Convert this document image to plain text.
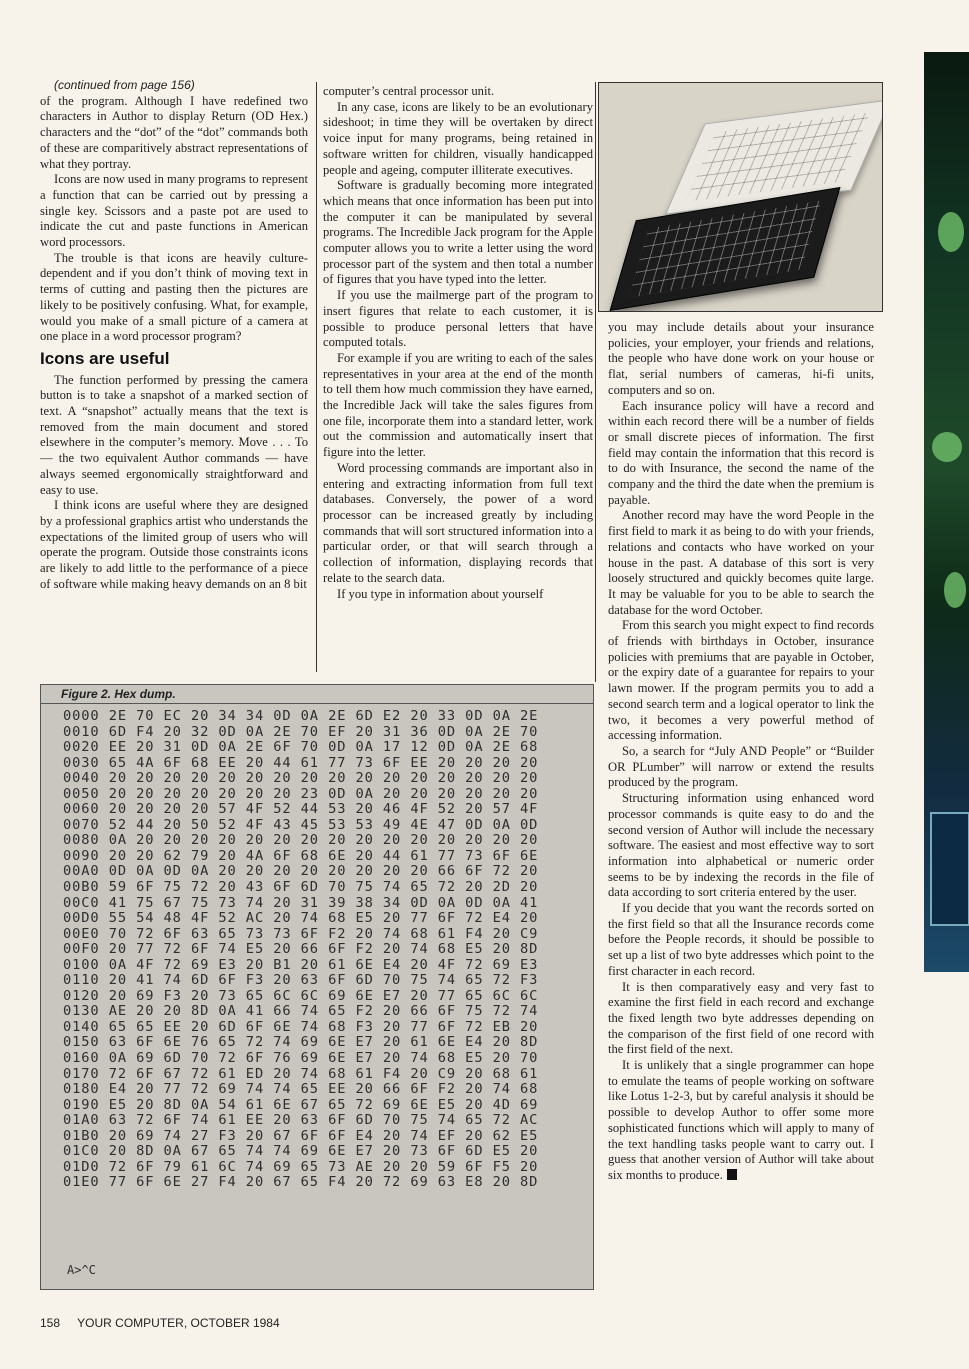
(continued from page 156)

of the program. Although I have redefined two characters in Author to display Return (OD Hex.) characters and the “dot” of the “dot” commands both of these are comparitively abstract representations of what they portray.

Icons are now used in many programs to represent a function that can be carried out by pressing a single key. Scissors and a paste pot are used to indicate the cut and paste functions in American word processors.

The trouble is that icons are heavily culture-dependent and if you don’t think of moving text in terms of cutting and pasting then the pictures are likely to be positively confusing. What, for example, would you make of a small picture of a camera at one place in a word processor program?

Icons are useful

The function performed by pressing the camera button is to take a snapshot of a marked section of text. A “snapshot” actually means that the text is removed from the main document and stored elsewhere in the computer’s memory. Move . . . To — the two equivalent Author commands — have always seemed ergonomically straightforward and easy to use.

I think icons are useful where they are designed by a professional graphics artist who understands the expectations of the limited group of users who will operate the program. Outside those constraints icons are likely to add little to the performance of a piece of software while making heavy demands on an 8 bit

computer’s central processor unit.

In any case, icons are likely to be an evolutionary sideshoot; in time they will be overtaken by direct voice input for many programs, being retained in software written for children, visually handicapped people and ageing, computer illiterate executives.

Software is gradually becoming more integrated which means that once information has been put into the computer it can be manipulated by several programs. The Incredible Jack program for the Apple computer allows you to write a letter using the word processor part of the system and then total a number of figures that you have typed into the letter.

If you use the mailmerge part of the program to insert figures that relate to each customer, it is possible to produce personal letters that have computed totals.

For example if you are writing to each of the sales representatives in your area at the end of the month to tell them how much commission they have earned, the Incredible Jack will take the sales figures from one file, incorporate them into a standard letter, work out the commission and automatically insert that figure into the letter.

Word processing commands are important also in entering and extracting information from full text databases. Conversely, the power of a word processor can be increased greatly by including commands that will sort structured information into a particular order, or that will search through a collection of information, displaying records that relate to the search data.

If you type in information about yourself

you may include details about your insurance policies, your employer, your friends and relations, the people who have done work on your house or flat, serial numbers of cameras, hi-fi units, computers and so on.

Each insurance policy will have a record and within each record there will be a number of fields or small discrete pieces of information. The first field may contain the information that this record is to do with Insurance, the second the name of the company and the third the date when the premium is payable.

Another record may have the word People in the first field to mark it as being to do with your friends, relations and contacts who have worked on your house in the past. A database of this sort is very loosely structured and quickly becomes quite large. It may be valuable for you to be able to search the database for the word October.

From this search you might expect to find records of friends with birthdays in October, insurance policies with premiums that are payable in October, or the expiry date of a guarantee for repairs to your lawn mower. If the program permits you to add a second search term and a logical operator to link the two, it becomes a very powerful method of accessing information.

So, a search for “July AND People” or “Builder OR PLumber” will narrow or extend the results produced by the program.

Structuring information using enhanced word processor commands is quite easy to do and the second version of Author will include the necessary software. The easiest and most effective way to sort information into alphabetical or numeric order seems to be by indexing the records in the file of data according to sort criteria entered by the user.

If you decide that you want the records sorted on the first field so that all the Insurance records come before the People records, it should be possible to set up a list of two byte addresses which point to the first character in each record.

It is then comparatively easy and very fast to examine the first field in each record and exchange the fixed length two byte addresses depending on the comparison of the first field of one record with the first field of the next.

It is unlikely that a single programmer can hope to emulate the teams of people working on software like Lotus 1-2-3, but by careful analysis it should be possible to develop Author to offer some more sophisticated functions which will apply to many of the text handling tasks people want to carry out. I guess that another version of Author will take about six months to produce.

Figure 2. Hex dump.
0000 2E 70 EC 20 34 34 0D 0A 2E 6D E2 20 33 0D 0A 2E
0010 6D F4 20 32 0D 0A 2E 70 EF 20 31 36 0D 0A 2E 70
0020 EE 20 31 0D 0A 2E 6F 70 0D 0A 17 12 0D 0A 2E 68
0030 65 4A 6F 68 EE 20 44 61 77 73 6F EE 20 20 20 20
0040 20 20 20 20 20 20 20 20 20 20 20 20 20 20 20 20
0050 20 20 20 20 20 20 20 23 0D 0A 20 20 20 20 20 20
0060 20 20 20 20 57 4F 52 44 53 20 46 4F 52 20 57 4F
0070 52 44 20 50 52 4F 43 45 53 53 49 4E 47 0D 0A 0D
0080 0A 20 20 20 20 20 20 20 20 20 20 20 20 20 20 20
0090 20 20 62 79 20 4A 6F 68 6E 20 44 61 77 73 6F 6E
00A0 0D 0A 0D 0A 20 20 20 20 20 20 20 20 66 6F 72 20
00B0 59 6F 75 72 20 43 6F 6D 70 75 74 65 72 20 2D 20
00C0 41 75 67 75 73 74 20 31 39 38 34 0D 0A 0D 0A 41
00D0 55 54 48 4F 52 AC 20 74 68 E5 20 77 6F 72 E4 20
00E0 70 72 6F 63 65 73 73 6F F2 20 74 68 61 F4 20 C9
00F0 20 77 72 6F 74 E5 20 66 6F F2 20 74 68 E5 20 8D
0100 0A 4F 72 69 E3 20 B1 20 61 6E E4 20 4F 72 69 E3
0110 20 41 74 6D 6F F3 20 63 6F 6D 70 75 74 65 72 F3
0120 20 69 F3 20 73 65 6C 6C 69 6E E7 20 77 65 6C 6C
0130 AE 20 20 8D 0A 41 66 74 65 F2 20 66 6F 75 72 74
0140 65 65 EE 20 6D 6F 6E 74 68 F3 20 77 6F 72 EB 20
0150 63 6F 6E 76 65 72 74 69 6E E7 20 61 6E E4 20 8D
0160 0A 69 6D 70 72 6F 76 69 6E E7 20 74 68 E5 20 70
0170 72 6F 67 72 61 ED 20 74 68 61 F4 20 C9 20 68 61
0180 E4 20 77 72 69 74 74 65 EE 20 66 6F F2 20 74 68
0190 E5 20 8D 0A 54 61 6E 67 65 72 69 6E E5 20 4D 69
01A0 63 72 6F 74 61 EE 20 63 6F 6D 70 75 74 65 72 AC
01B0 20 69 74 27 F3 20 67 6F 6F E4 20 74 EF 20 62 E5
01C0 20 8D 0A 67 65 74 74 69 6E E7 20 73 6F 6D E5 20
01D0 72 6F 79 61 6C 74 69 65 73 AE 20 20 59 6F F5 20
01E0 77 6F 6E 27 F4 20 67 65 F4 20 72 69 63 E8 20 8D
A>^C
158 YOUR COMPUTER, OCTOBER 1984
